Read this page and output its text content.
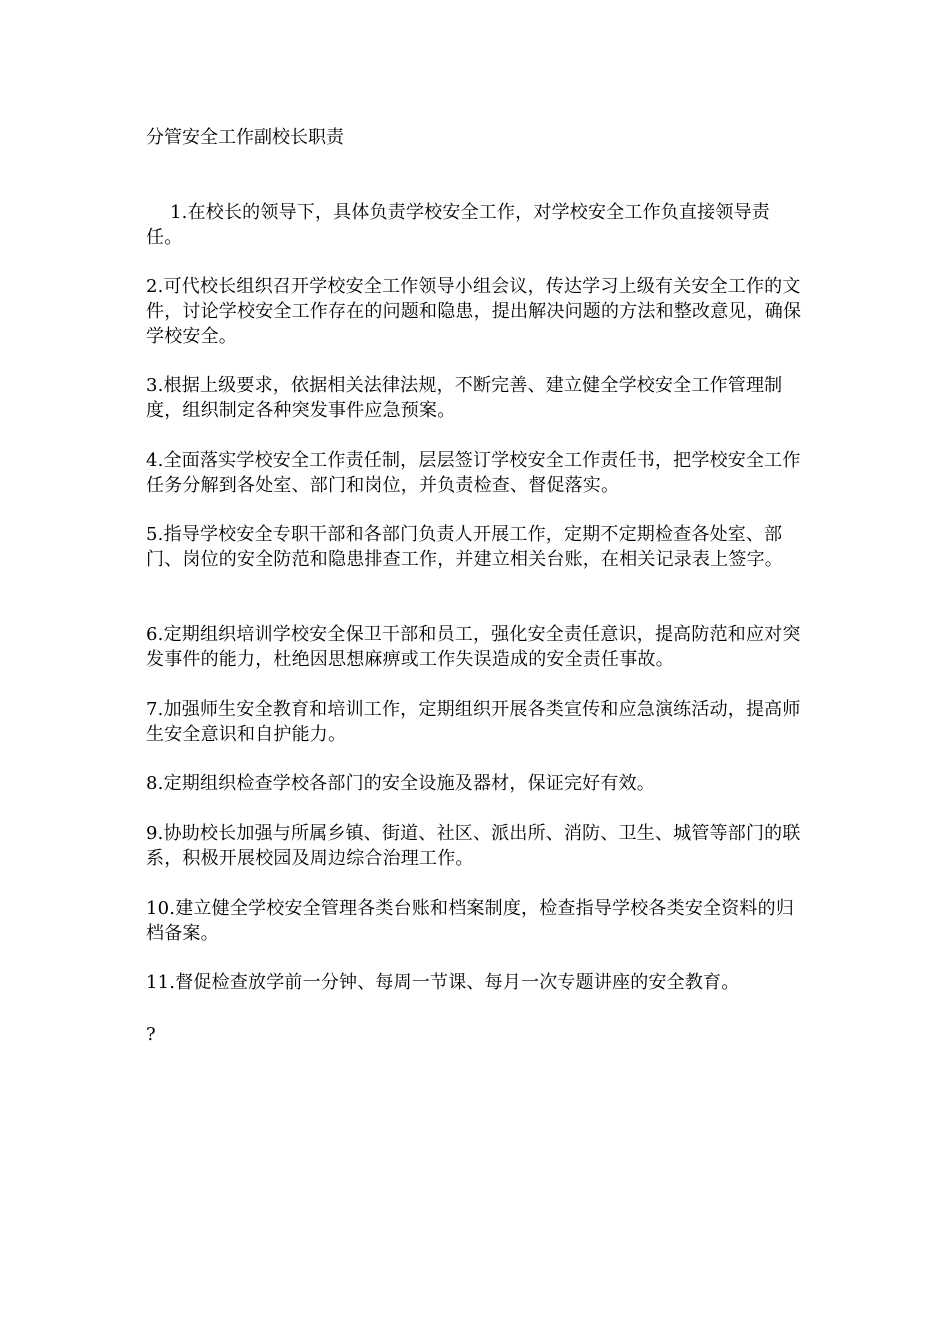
分管安全工作副校长职责
1.在校长的领导下，具体负责学校安全工作，对学校安全工作负直接领导责任。
2.可代校长组织召开学校安全工作领导小组会议，传达学习上级有关安全工作的文件，讨论学校安全工作存在的问题和隐患，提出解决问题的方法和整改意见，确保学校安全。
3.根据上级要求，依据相关法律法规，不断完善、建立健全学校安全工作管理制度，组织制定各种突发事件应急预案。
4.全面落实学校安全工作责任制，层层签订学校安全工作责任书，把学校安全工作任务分解到各处室、部门和岗位，并负责检查、督促落实。
5.指导学校安全专职干部和各部门负责人开展工作，定期不定期检查各处室、部门、岗位的安全防范和隐患排查工作，并建立相关台账，在相关记录表上签字。
6.定期组织培训学校安全保卫干部和员工，强化安全责任意识，提高防范和应对突发事件的能力，杜绝因思想麻痹或工作失误造成的安全责任事故。
7.加强师生安全教育和培训工作，定期组织开展各类宣传和应急演练活动，提高师生安全意识和自护能力。
8.定期组织检查学校各部门的安全设施及器材，保证完好有效。
9.协助校长加强与所属乡镇、街道、社区、派出所、消防、卫生、城管等部门的联系，积极开展校园及周边综合治理工作。
10.建立健全学校安全管理各类台账和档案制度，检查指导学校各类安全资料的归档备案。
11.督促检查放学前一分钟、每周一节课、每月一次专题讲座的安全教育。
?
